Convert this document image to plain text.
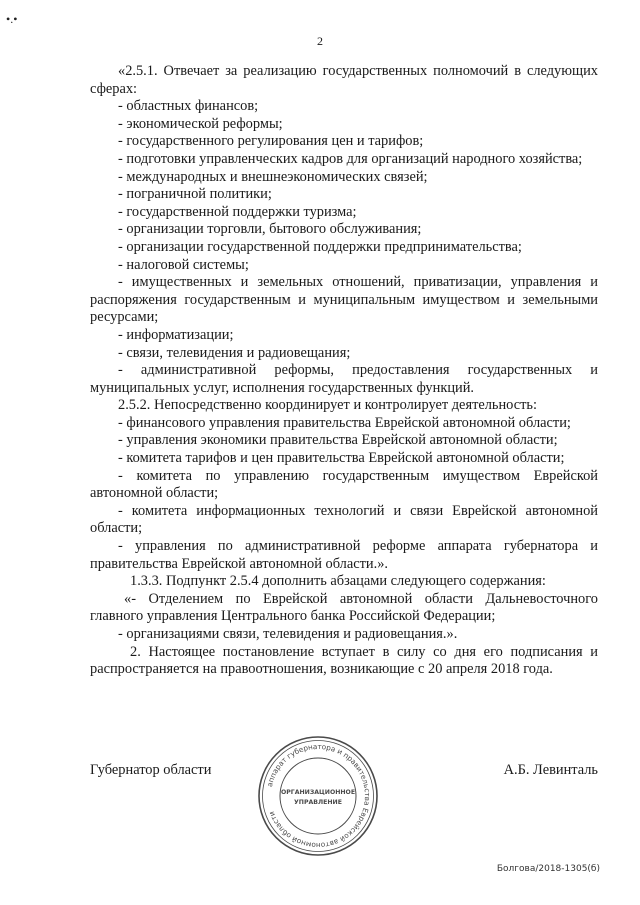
•.•
2

«2.5.1. Отвечает за реализацию государственных полномочий в следующих сферах:

- областных финансов;

- экономической реформы;

- государственного регулирования цен и тарифов;

- подготовки управленческих кадров для организаций народного хозяйства;

- международных и внешнеэкономических связей;

- пограничной политики;

- государственной поддержки туризма;

- организации торговли, бытового обслуживания;

- организации государственной поддержки предпринимательства;

- налоговой системы;

- имущественных и земельных отношений, приватизации, управления и распоряжения государственным и муниципальным имуществом и земельными ресурсами;

- информатизации;

- связи, телевидения и радиовещания;

- административной реформы, предоставления государственных и муниципальных услуг, исполнения государственных функций.

2.5.2. Непосредственно координирует и контролирует деятельность:

- финансового управления правительства Еврейской автономной области;

- управления экономики правительства Еврейской автономной области;

- комитета тарифов и цен правительства Еврейской автономной области;

- комитета по управлению государственным имуществом Еврейской автономной области;

- комитета информационных технологий и связи Еврейской автономной области;

- управления по административной реформе аппарата губернатора и правительства Еврейской автономной области.».

1.3.3. Подпункт 2.5.4 дополнить абзацами следующего содержания:

«- Отделением по Еврейской автономной области Дальневосточного главного управления Центрального банка Российской Федерации;

- организациями связи, телевидения и радиовещания.».

2. Настоящее постановление вступает в силу со дня его подписания и распространяется на правоотношения, возникающие с 20 апреля 2018 года.

Губернатор области	А.Б. Левинталь
аппарат губернатора и правительства Еврейской автономной области
ОРГАНИЗАЦИОННОЕ
УПРАВЛЕНИЕ
Болгова/2018-1305(б)
